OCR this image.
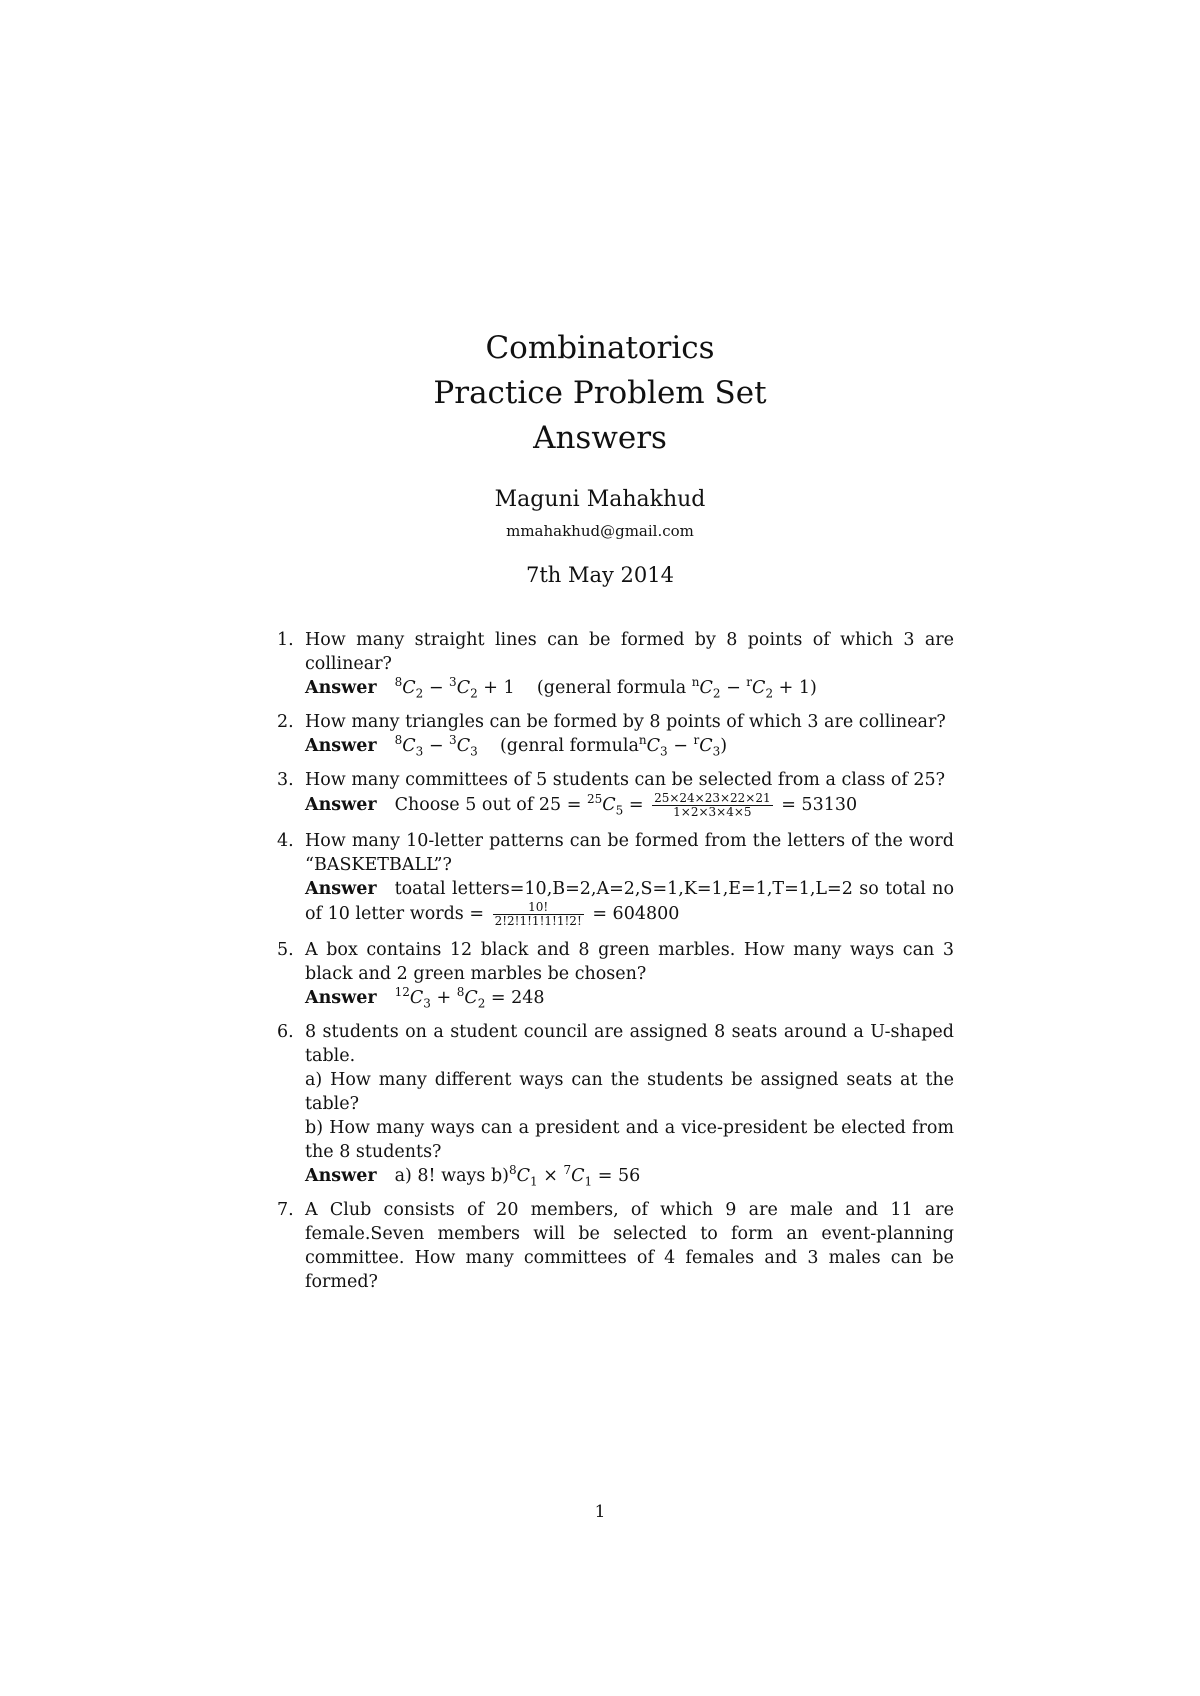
Combinatorics
Practice Problem Set
Answers
Maguni Mahakhud
mmahakhud@gmail.com
7th May 2014
1. How many straight lines can be formed by 8 points of which 3 are collinear?

Answer $^8C_2 - ^3C_2 + 1$ (general formula $^nC_2 - ^rC_2 + 1$)

2. How many triangles can be formed by 8 points of which 3 are collinear?

Answer $^8C_3 - ^3C_3$ (genral $formula^nC_3 - ^rC_3$)

3. How many committees of 5 students can be selected from a class of 25?

Answer Choose 5 out of $25 = ^{25}C_5 = \frac{25\times 24\times 23\times 22\times 21}{1\times 2\times 3\times 4\times 5} = 53130$

4. How many 10-letter patterns can be formed from the letters of the word “BASKETBALL”?

Answer toatal letters=10,B=2,A=2,S=1,K=1,E=1,T=1,L=2 so total no of 10 letter words = $\frac{10!}{2!2!1!1!1!1!2!} = 604800$

5. A box contains 12 black and 8 green marbles. How many ways can 3 black and 2 green marbles be chosen?

Answer $^{12}C_3 + ^8C_2 = 248$

6. 8 students on a student council are assigned 8 seats around a U-shaped table.

a) How many different ways can the students be assigned seats at the table?

b) How many ways can a president and a vice-president be elected from the 8 students?

Answer a) 8! ways $b)^8C_1 \times ^7C_1 = 56$

7. A Club consists of 20 members, of which 9 are male and 11 are female.Seven members will be selected to form an event-planning committee. How many committees of 4 females and 3 males can be formed?

1
